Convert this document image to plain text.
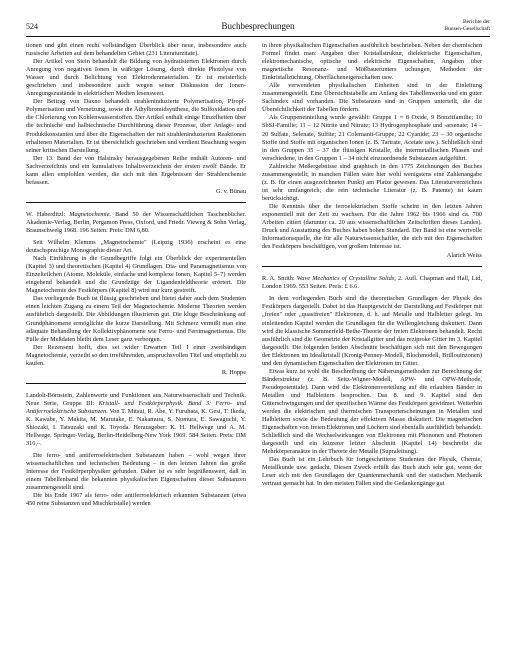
524	Buchbesprechungen	Berichte der
Bunsen-Gesellschaft

tionen und gibt einen recht vollständigen Überblick über neue, insbesondere auch russische Arbeiten auf dem behandelten Gebiet (231 Literaturzitate).

Der Artikel von Stein behandelt die Bildung von hydratisierten Elektronen durch Anregung von negativen Ionen in wäßriger Lösung, durch direkte Photolyse von Wasser und durch Belichtung von Elektrodenmaterialien. Er ist meisterlich geschrieben und insbesondere auch wegen seiner Diskussion der Ionen-Anregungszustände in elektrischen Medien lesenswert.

Der Beitrag von Daxno behandelt strahleninduzierte Polymerisation, Pfropf-Polymerisation und Vernetzung, sowie die Äthylbromidsynthese, die Sulfoxidation und die Chlorierung von Kohlenwasserstoffen. Der Artikel enthält einige Einzelheiten über die technische und halbtechnische Durchführung dieser Prozesse, über Anlage- und Produktkonstanten und über die Eigenschaften der mit strahleninduzierten Reaktionen erhaltenen Materialien. Er ist übersichtlich geschrieben und verdient Beachtung wegen seiner kritischen Darstellung.

Der 13. Band der von Halsinsky herausgegebenen Reihe enthält Autoren- und Sachverzeichnis und ein kumulatives Inhaltsverzeichnis der ersten zwölf Bände. Er kann allen empfohlen werden, die sich mit den Ergebnissen der Strahlenchemie befassen.

G. v. Bünau

W. Haberditzl: Magnetochemie. Band 50 der Wissenschaftlichen Taschenbücher. Akademie-Verlag, Berlin, Pergamon Press, Oxford, und Friedr. Vieweg & Sohn Verlag, Braunschweig 1968. 196 Seiten. Preis: DM 6,80.

Seit Wilhelm Klemms „Magnetochemie" (Leipzig 1936) erscheint es eine deutschsprachige Monographie dieser Art.

Nach Einführung in die Grundbegriffe folgt ein Überblick der experimentellen (Kapitel 3) und theoretischen (Kapitel 4) Grundlagen. Dia- und Paramagnetismus von Einzelteilchen (Atome, Moleküle, einfache und komplexe Ionen, Kapitel 5–7) werden eingehend behandelt und die Grundzüge der Ligandenfeldtheorie erörtert. Die Magnetochemie des Festkörpers (Kapitel 8) wird nur kurz gestreift.

Das vorliegende Buch ist flüssig geschrieben und bietet daher auch dem Studenten einen leichten Zugang zu einem Teil der Magnetochemie. Moderne Theorien werden ausführlich dargestellt. Die Abbildungen illustrieren gut. Die kluge Beschränkung auf Grundphänomene ermöglichte die kurze Darstellung. Mit Schmerz vermißt man eine adäquate Behandlung der Kollektivphänomene wie Ferro- und Ferrimagnetismus. Die Fülle der Meßdaten bleibt dem Leser ganz verborgen.

Der Rezensent hofft, dies sei wider Erwarten Teil I einer zweibändigen Magnetochemie, verzeiht so den irreführenden, anspruchsvollen Titel und empfiehlt zu kaufen.

R. Hoppe

Landolt-Börnstein, Zahlenwerte und Funktionen aus Naturwissenschaft und Technik. Neue Serie, Gruppe III: Kristall- und Festkörperphysik. Band 3: Ferro- und Antiferroelektrische Substanzen. Von T. Mitsui, R. Abe, Y. Furuhata, K. Gesi, T. Ikeda, K. Kawabe, Y. Makita, M. Marutake, E. Nakamura, S. Nomura, E. Sawaguchi, Y. Shiozaki, I. Tatsuzaki und K. Toyoda. Herausgeber: K. H. Hellwege und A. M. Hellwege. Springer-Verlag, Berlin-Heidelberg-New York 1969. 584 Seiten. Preis: DM 316,–.

Die ferro- und antiferroelektrischen Substanzen haben – wohl wegen ihrer wissenschaftlichen und technischen Bedeutung – in den letzten Jahren das große Interesse der Festkörperphysiker gefunden. Daher ist es sehr begrüßenswert, daß in einem Tabellenband die bekannten physikalischen Eigenschaften dieser Substanzen zusammengestellt sind.

Die bis Ende 1967 als ferro- oder antiferroelektrisch erkannten Substanzen (etwa 450 reine Substanzen und Mischkristalle) werden

in ihren physikalischen Eigenschaften ausführlich beschrieben. Neben der chemischen Formel findet man: Angaben über Kristallstruktur, dielektrische Eigenschaften, elektromechanische, optische und elektrische Eigenschaften, Angaben über magnetische Resonanz- und Mößbauerunters uchungen, Methoden der Einkristallzüchtung, Oberflächeneigenschaften usw.

Alle verwendeten physikalischen Einheiten sind in der Einleitung zusammengestellt. Eine Übersichtstabelle am Anfang des Tabellenwerks und ein guter Sachindex sind vorhanden. Die Substanzen sind in Gruppen unterteilt, die die Übersichtlichkeit der Tabellen fördern.

Als Gruppeneinteilung wurde gewählt: Gruppe 1 = 8 Oxide, 9 Bonzitfamilie; 10 SbSJ-Familie; 11 – 12 Nitrite und Nitrate; 13 Hydrogenphosphate und -arsenate; 14 – 20 Sulfate, Selenate, Sulfite; 21 Colemanit-Gruppe; 22 Cyanide; 23 – 30 organische Stoffe und Stoffe mit organischen Ionen (z. B. Tartrate, Acetate usw.). Schließlich sind in den Gruppen 35 – 37 die flüssigen Kristalle, die intermetallischen Phasen und verschiedene, in den Gruppen 1 – 34 nicht einzuordnende Substanzen aufgeführt.

Zahlreiche Meßergebnisse sind graphisch in den 1775 Zeichnungen des Buches zusammengestellt; in manchen Fällen wäre hier wohl wenigstens eine Zahlenangabe (z. B. für einen ausgezeichneten Punkt) am Platze gewesen. Das Literaturverzeichnis ist sehr umfangreich; die rein technische Literatur (z. B. Patente) ist kaum berücksichtigt.

Die Kenntnis über die ferroelektrischen Stoffe scheint in den letzten Jahren exponentiell mit der Zeit zu wachsen. Für die Jahre 1962 bis 1966 sind ca. 700 Arbeiten zitiert (darunter ca. 20 aus wissenschaftlichen Zeitschriften dieses Landes). Druck und Ausstattung des Buches haben hohen Standard. Der Band ist eine wertvolle Informationsquelle, die für alle Naturwissenschaftler, die sich mit den Eigenschaften des Festkörpers beschäftigen, von großem Interesse ist.

Alarich Weiss

R. A. Smith: Wave Mechanics of Crystalline Solids, 2. Aufl. Chapman and Hall, Ltd, London 1969. 553 Seiten. Preis: £ 6.6.

In dem vorliegenden Buch sind die theoretischen Grundlagen der Physik des Festkörpers dargestellt. Dabei ist das Hauptgewicht der Darstellung auf Festkörper mit „freien" oder „quasifreien" Elektronen, d. h. auf Metalle und Halbleiter gelegt. Im einleitenden Kapitel werden die Grundlagen für die Wellengleichung diskutiert. Dann wird die klassische Sommerfeld-Bethe-Theorie der freien Elektronen behandelt. Recht ausführlich sind die Geometrie der Kristallgitter und das reziproke Gitter im 3. Kapitel dargestellt. Die folgenden beiden Abschnitte beschäftigen sich mit den Bewegungen der Elektronen im Idealkristall (Kronig-Penney-Modell, Blochmodell, Brillouinzonen) und den dynamischen Eigenschaften der Elektronen im Gitter.

Etwas kurz ist wohl die Beschreibung der Näherungsmethoden zur Berechnung der Bänderstruktur (z. B. Seitz-Wigner-Modell, APW- und OPW-Methode, Pseudopotentiale). Dann wird die Elektronenverteilung auf die erlaubten Bänder in Metallen und Halbleitern besprochen. Das 8. und 9. Kapitel sind den Gitterschwingungen und der spezifischen Wärme des Festkörpers gewidmet. Weiterhin werden die elektrischen und thermischen Transporterscheinungen in Metallen und Halbleitern sowie die Bedeutung der effektiven Masse diskutiert. Die magnetischen Eigenschaften von freien Elektronen und Löchern sind ebenfalls ausführlich behandelt. Schließlich sind die Wechselwirkungen von Elektronen mit Phononen und Photonen dargestellt und ein kürzerer letzter Abschnitt (Kapitel 14) beschreibt die Mehrkörperansätze in der Theorie der Metalle (Supraleitung).

Das Buch ist ein Lehrbuch für fortgeschrittene Studenten der Physik, Chemie, Metallkunde usw. gedacht. Diesen Zweck erfüllt das Buch auch sehr gut, wenn der Leser sich mit den Grundlagen der Quantenmechanik und der statischen Mechanik vertraut gemacht hat. In den meisten Fällen sind die Gedankengänge gut
